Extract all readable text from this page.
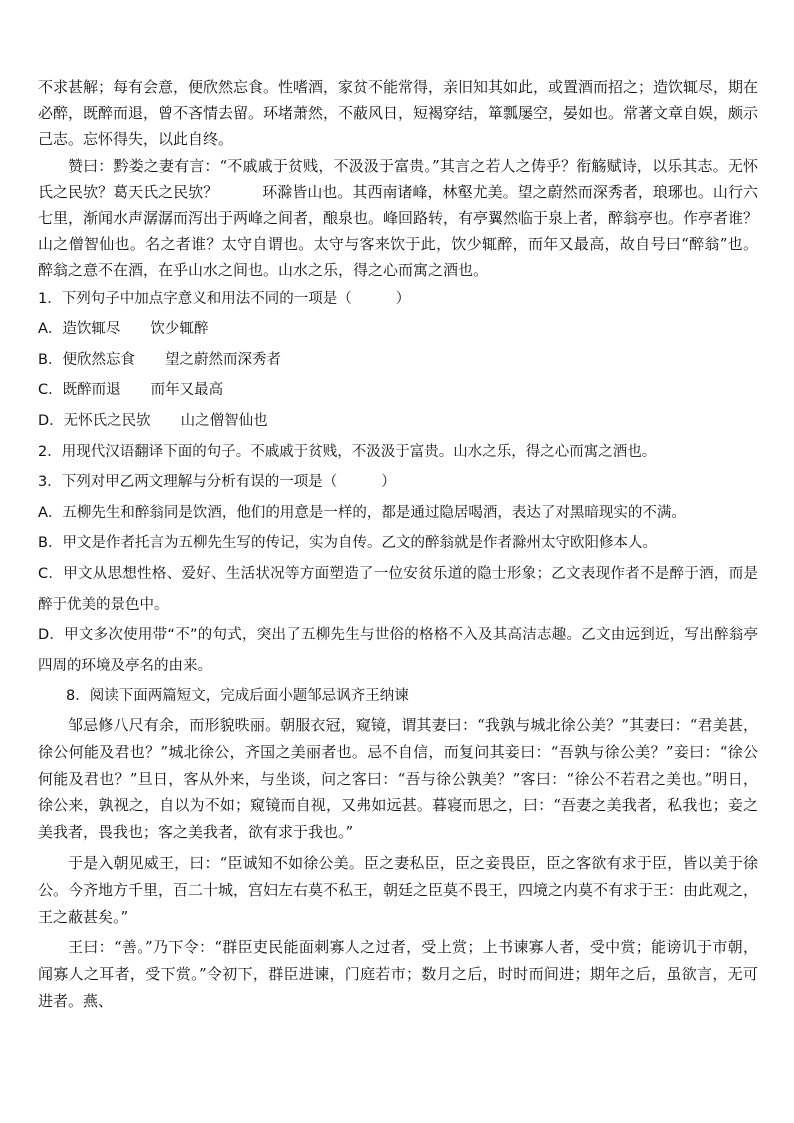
不求甚解；每有会意，便欣然忘食。性嗜酒，家贫不能常得，亲旧知其如此，或置酒而招之；造饮辄尽，期在必醉，既醉而退，曾不吝情去留。环堵萧然，不蔽风日，短褐穿结，箪瓢屡空，晏如也。常著文章自娱，颇示己志。忘怀得失，以此自终。

赞曰：黔娄之妻有言：“不戚戚于贫贱，不汲汲于富贵。”其言之若人之俦乎？衔觞赋诗，以乐其志。无怀氏之民欤？葛天氏之民欤？	环滁皆山也。其西南诸峰，林壑尤美。望之蔚然而深秀者，琅琊也。山行六七里，渐闻水声潺潺而泻出于两峰之间者，酿泉也。峰回路转，有亭翼然临于泉上者，醉翁亭也。作亭者谁？山之僧智仙也。名之者谁？太守自谓也。太守与客来饮于此，饮少辄醉，而年又最高，故自号曰“醉翁”也。醉翁之意不在酒，在乎山水之间也。山水之乐，得之心而寓之酒也。

1．下列句子中加点字意义和用法不同的一项是（	）

A．造饮辄尽 饮少辄醉

B．便欣然忘食 望之蔚然而深秀者

C．既醉而退 而年又最高

D．无怀氏之民欤 山之僧智仙也

2．用现代汉语翻译下面的句子。不戚戚于贫贱，不汲汲于富贵。山水之乐，得之心而寓之酒也。

3．下列对甲乙两文理解与分析有误的一项是（	）

A．五柳先生和醉翁同是饮酒，他们的用意是一样的，都是通过隐居喝酒，表达了对黑暗现实的不满。

B．甲文是作者托言为五柳先生写的传记，实为自传。乙文的醉翁就是作者滁州太守欧阳修本人。

C．甲文从思想性格、爱好、生活状况等方面塑造了一位安贫乐道的隐士形象；乙文表现作者不是醉于酒，而是醉于优美的景色中。

D．甲文多次使用带“不”的句式，突出了五柳先生与世俗的格格不入及其高洁志趣。乙文由远到近，写出醉翁亭四周的环境及亭名的由来。

8．阅读下面两篇短文，完成后面小题邹忌讽齐王纳谏

邹忌修八尺有余，而形貌昳丽。朝服衣冠，窥镜，谓其妻曰：“我孰与城北徐公美？”其妻曰：“君美甚，徐公何能及君也？”城北徐公，齐国之美丽者也。忌不自信，而复问其妾曰：“吾孰与徐公美？”妾曰：“徐公何能及君也？”旦日，客从外来，与坐谈，问之客曰：“吾与徐公孰美？”客曰：“徐公不若君之美也。”明日，徐公来，孰视之，自以为不如；窥镜而自视，又弗如远甚。暮寝而思之，曰：“吾妻之美我者，私我也；妾之美我者，畏我也；客之美我者，欲有求于我也。”

于是入朝见威王，曰：“臣诚知不如徐公美。臣之妻私臣，臣之妾畏臣，臣之客欲有求于臣，皆以美于徐公。今齐地方千里，百二十城，宫妇左右莫不私王，朝廷之臣莫不畏王，四境之内莫不有求于王：由此观之，王之蔽甚矣。”

王曰：“善。”乃下令：“群臣吏民能面刺寡人之过者，受上赏；上书谏寡人者，受中赏；能谤讥于市朝，闻寡人之耳者，受下赏。”令初下，群臣进谏，门庭若市；数月之后，时时而间进；期年之后，虽欲言，无可进者。燕、
